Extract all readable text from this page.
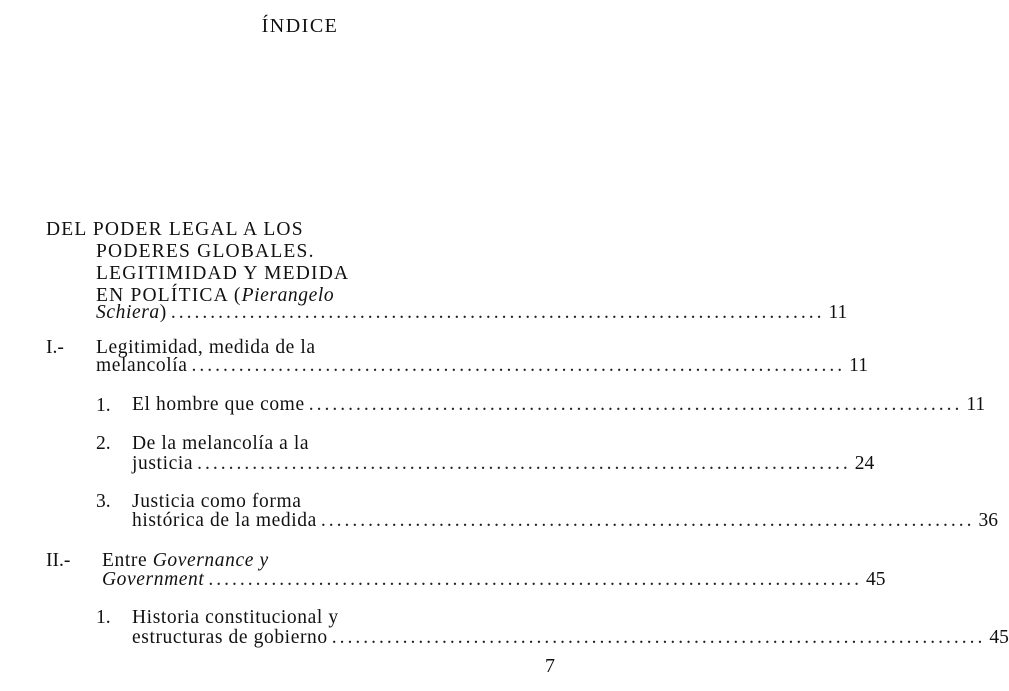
ÍNDICE
DEL PODER LEGAL A LOS
PODERES GLOBALES.
LEGITIMIDAD Y MEDIDA
EN POLÍTICA (Pierangelo
Schiera) ................................................................................... 11
I.- Legitimidad, medida de la
melancolía ................................................................................... 11
1. El hombre que come ................................................................................... 11
2. De la melancolía a la
justicia ................................................................................... 24
3. Justicia como forma
histórica de la medida ................................................................................... 36
II.- Entre Governance y
Government ................................................................................... 45
1. Historia constitucional y
estructuras de gobierno ................................................................................... 45
7
